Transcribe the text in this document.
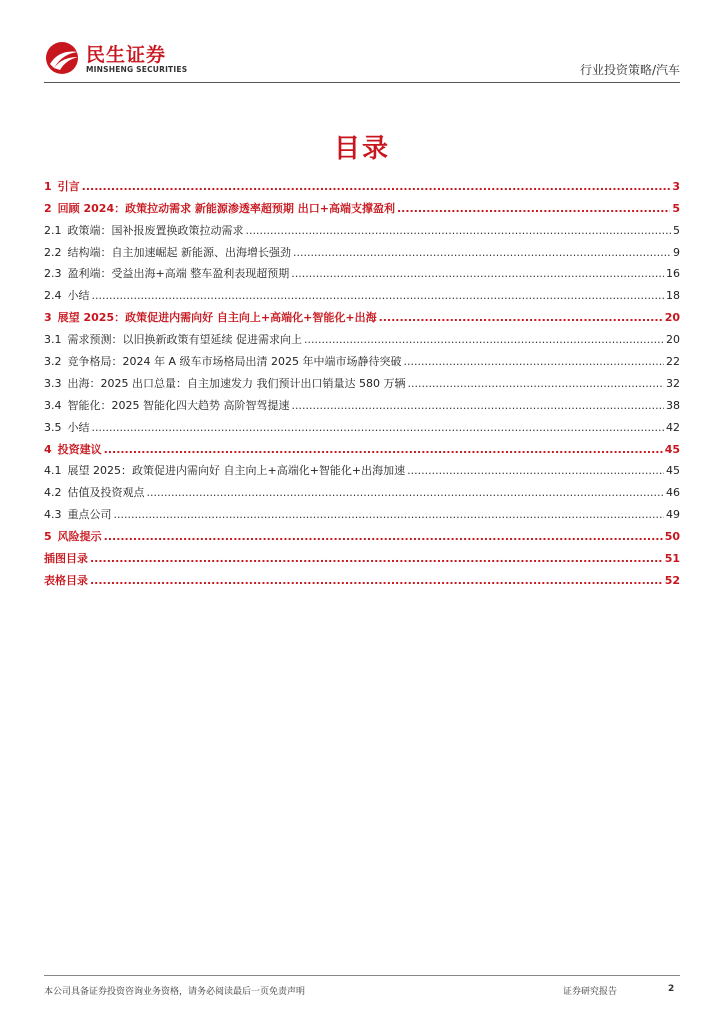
民生证券
MINSHENG SECURITIES	行业投资策略/汽车
目录
1 引言 .....	3
2 回顾 2024：政策拉动需求 新能源渗透率超预期 出口+高端支撑盈利 .....	5
2.1 政策端：国补报废置换政策拉动需求 .....	5
2.2 结构端：自主加速崛起 新能源、出海增长强劲 .....	9
2.3 盈利端：受益出海+高端 整车盈利表现超预期 .....	16
2.4 小结 .....	18
3 展望 2025：政策促进内需向好 自主向上+高端化+智能化+出海 .....	20
3.1 需求预测：以旧换新政策有望延续 促进需求向上 .....	20
3.2 竞争格局：2024 年 A 级车市场格局出清 2025 年中端市场静待突破 .....	22
3.3 出海：2025 出口总量：自主加速发力 我们预计出口销量达 580 万辆 .....	32
3.4 智能化：2025 智能化四大趋势 高阶智驾提速 .....	38
3.5 小结 .....	42
4 投资建议 .....	45
4.1 展望 2025：政策促进内需向好 自主向上+高端化+智能化+出海加速 .....	45
4.2 估值及投资观点 .....	46
4.3 重点公司 .....	49
5 风险提示 .....	50
插图目录 .....	51
表格目录 .....	52
本公司具备证券投资咨询业务资格，请务必阅读最后一页免责声明	证券研究报告	2
